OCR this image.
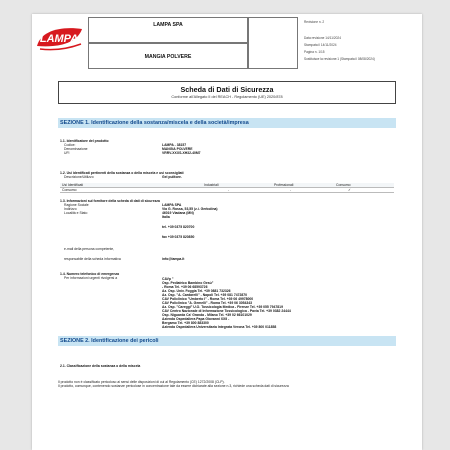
LAMPA
LAMPA SPA
MANGIA POLVERE
Revisione n. 2
Data revisione 14/11/2024
Stampata il 14/11/2024
Pagina n. 1/15
Sostituisce la revisione:1 (Stampata il 08/08/2024)
Scheda di Dati di Sicurezza
Conforme all'Allegato II del REACH - Regolamento (UE) 2020/878
SEZIONE 1. Identificazione della sostanza/miscela e della società/impresa
1.1. Identificatore del prodotto
Codice:	LAMPA - 38157
Denominazione	MANGIA POLVERE
UFI	VRRV-XXXS-XH32-40M7
1.2. Usi identificati pertinenti della sostanza o della miscela e usi sconsigliati
Descrizione/Utilizzo	Gel pulitore.
Usi Identificati	Industriali	Professionali	Consumo
Consumo	-	-	✓
1.3. Informazioni sul fornitore della scheda di dati di sicurezza
Ragione Sociale	LAMPA SPA
Indirizzo	Via G. Rossa, 53,55 (z.i. Gerbolina)
Località e Stato	46019 Viadana (MN)
Italia
tel. +39 0375 820700
fax +39 0375 820850
e-mail della persona competente,
responsabile della scheda informativa	info@lampa.it
1.4. Numero telefonico di emergenza
Per informazioni urgenti rivolgersi a	CAVp "
Osp. Pediatrico Bambino Gesù"
- Roma Tel. +39 06 68593726
Az. Osp. Univ. Foggia Tel. +39 0881 732326
Az. Osp. "A. Cardarelli" - Napoli Tel. +39 081 7472870
CAV Policlinico "Umberto I" - Roma Tel. +39 06 49978000
CAV Policlinico "A. Gemelli" - Roma Tel. +39 06 3054343
Az. Osp. "Careggi" U.O. Tossicologia Medica - Firenze Tel. +39 055 7947819
CAV Centro Nazionale di Informazione Tossicologica - Pavia Tel. +39 0382 24444
Osp. Niguarda Ca' Granda - Milano Tel. +39 02 66101029
Azienda Ospedaliera Papa Giovanni XXII -
Bergamo Tel. +39 800 883300
Azienda Ospedaliera Universitaria Integrata Verona Tel. +39 800 011858
SEZIONE 2. Identificazione dei pericoli
2.1. Classificazione della sostanza o della miscela

Il prodotto non è classificato pericoloso ai sensi delle disposizioni di cui al Regolamento (CE) 1272/2008 (CLP).

Il prodotto, comunque, contenendo sostanze pericolose in concentrazione tale da essere dichiarate alla sezione n.3, richiede una scheda dati di sicurezza
